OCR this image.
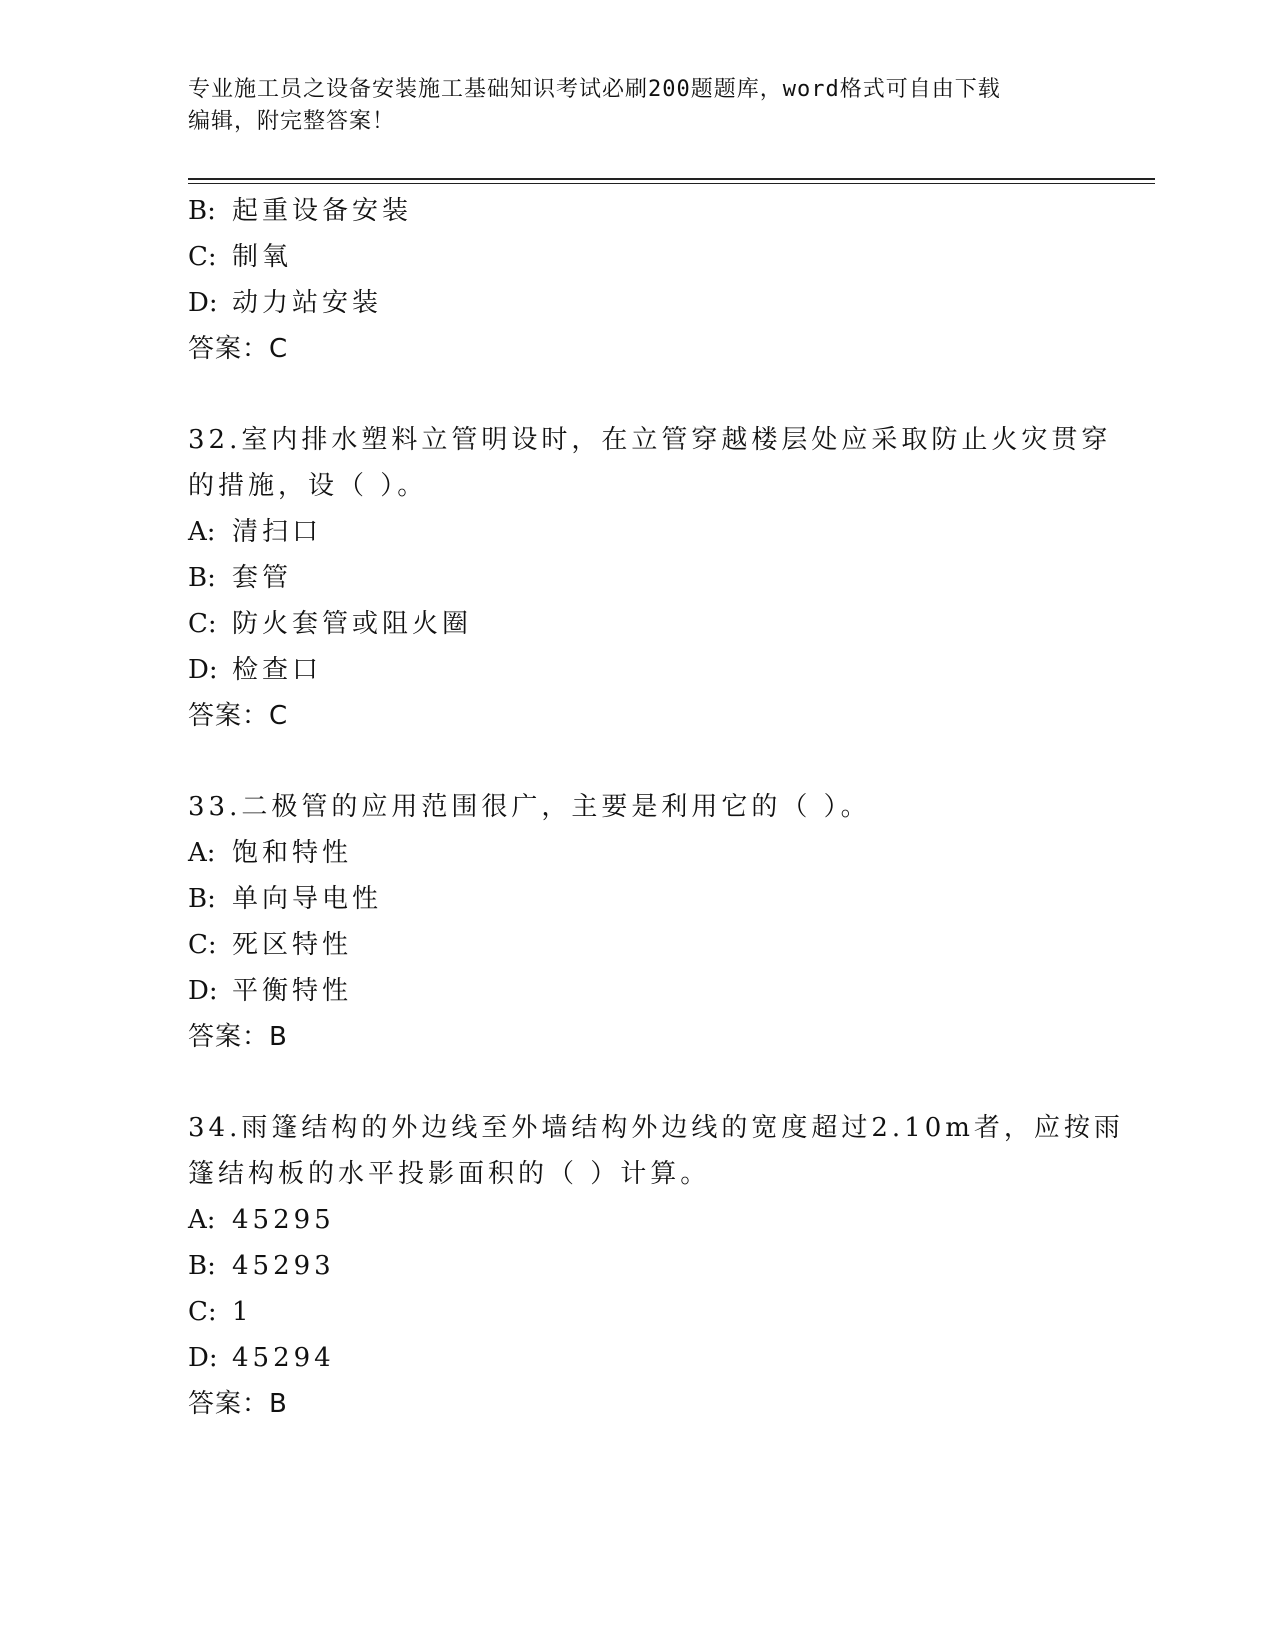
专业施工员之设备安装施工基础知识考试必刷200题题库，word格式可自由下载
编辑，附完整答案！
B: 起重设备安装
C: 制氧
D: 动力站安装
答案：C
32.室内排水塑料立管明设时，在立管穿越楼层处应采取防止火灾贯穿
的措施，设（ ）。
A: 清扫口
B: 套管
C: 防火套管或阻火圈
D: 检查口
答案：C
33.二极管的应用范围很广，主要是利用它的（ ）。
A: 饱和特性
B: 单向导电性
C: 死区特性
D: 平衡特性
答案：B
34.雨篷结构的外边线至外墙结构外边线的宽度超过2.10m者，应按雨
篷结构板的水平投影面积的（ ）计算。
A: 45295
B: 45293
C: 1
D: 45294
答案：B
